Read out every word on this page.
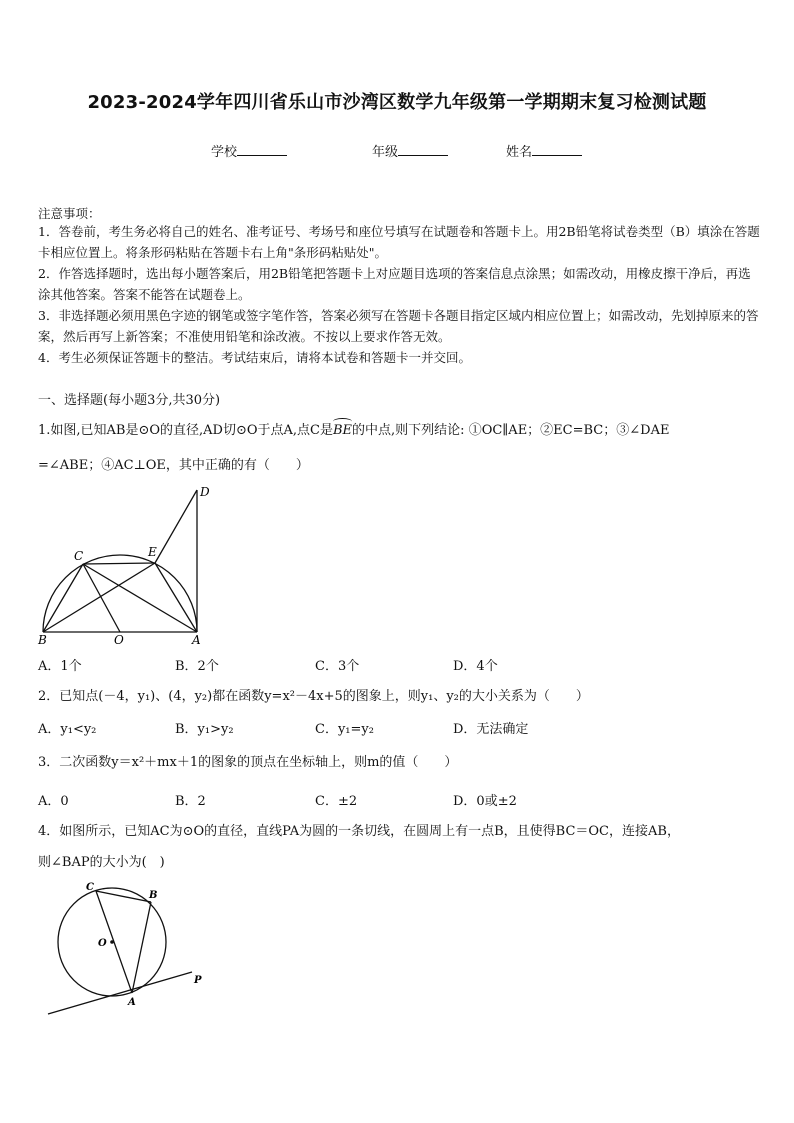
2023-2024学年四川省乐山市沙湾区数学九年级第一学期期末复习检测试题
学校	年级	姓名
注意事项：
1．答卷前，考生务必将自己的姓名、准考证号、考场号和座位号填写在试题卷和答题卡上。用2B铅笔将试卷类型（B）填涂在答题卡相应位置上。将条形码粘贴在答题卡右上角"条形码粘贴处"。
2．作答选择题时，选出每小题答案后，用2B铅笔把答题卡上对应题目选项的答案信息点涂黑；如需改动，用橡皮擦干净后，再选涂其他答案。答案不能答在试题卷上。
3．非选择题必须用黑色字迹的钢笔或签字笔作答，答案必须写在答题卡各题目指定区域内相应位置上；如需改动，先划掉原来的答案，然后再写上新答案；不准使用铅笔和涂改液。不按以上要求作答无效。
4．考生必须保证答题卡的整洁。考试结束后，请将本试卷和答题卡一并交回。
一、选择题(每小题3分,共30分)
1.如图,已知AB是⊙O的直径,AD切⊙O于点A,点C是
BE的中点,则下列结论: ①OC∥AE；②EC=BC；③∠DAE
=∠ABE；④AC⊥OE，其中正确的有（　　）
D
C	E
B	O	A
A．1个	B．2个	C．3个	D．4个
2．已知点(－4，y₁)、(4，y₂)都在函数y=x²－4x+5的图象上，则y₁、y₂的大小关系为（　　）
A．y₁<y₂	B．y₁>y₂	C．y₁=y₂	D．无法确定
3．二次函数y＝x²＋mx＋1的图象的顶点在坐标轴上，则m的值（　　）
A．0	B．2	C．±2	D．0或±2
4．如图所示，已知AC为⊙O的直径，直线PA为圆的一条切线，在圆周上有一点B，且使得BC＝OC，连接AB，
则∠BAP的大小为(　)
C
B
O
A
P
